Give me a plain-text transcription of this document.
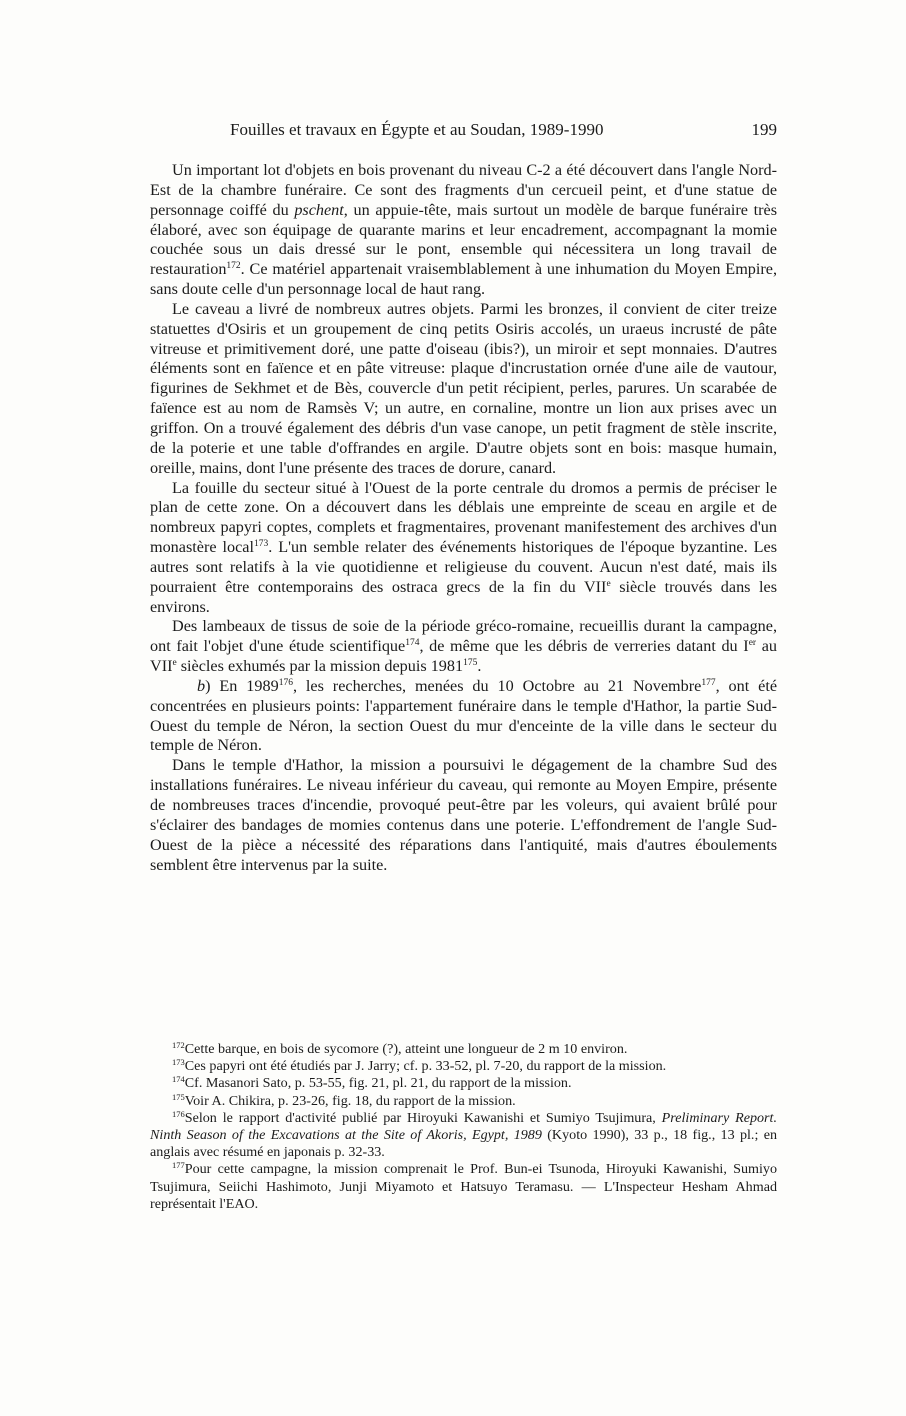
Fouilles et travaux en Égypte et au Soudan, 1989-1990	199

Un important lot d'objets en bois provenant du niveau C-2 a été découvert dans l'angle Nord-Est de la chambre funéraire. Ce sont des fragments d'un cercueil peint, et d'une statue de personnage coiffé du pschent, un appuie-tête, mais surtout un modèle de barque funéraire très élaboré, avec son équipage de quarante marins et leur encadrement, accompagnant la momie couchée sous un dais dressé sur le pont, ensemble qui nécessitera un long travail de restauration$^{172}$. Ce matériel appartenait vraisemblablement à une inhumation du Moyen Empire, sans doute celle d'un personnage local de haut rang.

Le caveau a livré de nombreux autres objets. Parmi les bronzes, il convient de citer treize statuettes d'Osiris et un groupement de cinq petits Osiris accolés, un uraeus incrusté de pâte vitreuse et primitivement doré, une patte d'oiseau (ibis?), un miroir et sept monnaies. D'autres éléments sont en faïence et en pâte vitreuse: plaque d'incrustation ornée d'une aile de vautour, figurines de Sekhmet et de Bès, couvercle d'un petit récipient, perles, parures. Un scarabée de faïence est au nom de Ramsès V; un autre, en cornaline, montre un lion aux prises avec un griffon. On a trouvé également des débris d'un vase canope, un petit fragment de stèle inscrite, de la poterie et une table d'offrandes en argile. D'autre objets sont en bois: masque humain, oreille, mains, dont l'une présente des traces de dorure, canard.

La fouille du secteur situé à l'Ouest de la porte centrale du dromos a permis de préciser le plan de cette zone. On a découvert dans les déblais une empreinte de sceau en argile et de nombreux papyri coptes, complets et fragmentaires, provenant manifestement des archives d'un monastère local$^{173}$. L'un semble relater des événements historiques de l'époque byzantine. Les autres sont relatifs à la vie quotidienne et religieuse du couvent. Aucun n'est daté, mais ils pourraient être contemporains des ostraca grecs de la fin du VIIe siècle trouvés dans les environs.

Des lambeaux de tissus de soie de la période gréco-romaine, recueillis durant la campagne, ont fait l'objet d'une étude scientifique$^{174}$, de même que les débris de verreries datant du Ier au VIIe siècles exhumés par la mission depuis 1981$^{175}$.

b) En 1989$^{176}$, les recherches, menées du 10 Octobre au 21 Novembre$^{177}$, ont été concentrées en plusieurs points: l'appartement funéraire dans le temple d'Hathor, la partie Sud-Ouest du temple de Néron, la section Ouest du mur d'enceinte de la ville dans le secteur du temple de Néron.

Dans le temple d'Hathor, la mission a poursuivi le dégagement de la chambre Sud des installations funéraires. Le niveau inférieur du caveau, qui remonte au Moyen Empire, présente de nombreuses traces d'incendie, provoqué peut-être par les voleurs, qui avaient brûlé pour s'éclairer des bandages de momies contenus dans une poterie. L'effondrement de l'angle Sud-Ouest de la pièce a nécessité des réparations dans l'antiquité, mais d'autres éboulements semblent être intervenus par la suite.

$^{172}$Cette barque, en bois de sycomore (?), atteint une longueur de 2 m 10 environ.

$^{173}$Ces papyri ont été étudiés par J. Jarry; cf. p. 33-52, pl. 7-20, du rapport de la mission.

$^{174}$Cf. Masanori Sato, p. 53-55, fig. 21, pl. 21, du rapport de la mission.

$^{175}$Voir A. Chikira, p. 23-26, fig. 18, du rapport de la mission.

$^{176}$Selon le rapport d'activité publié par Hiroyuki Kawanishi et Sumiyo Tsujimura, Preliminary Report. Ninth Season of the Excavations at the Site of Akoris, Egypt, 1989 (Kyoto 1990), 33 p., 18 fig., 13 pl.; en anglais avec résumé en japonais p. 32-33.

$^{177}$Pour cette campagne, la mission comprenait le Prof. Bun-ei Tsunoda, Hiroyuki Kawanishi, Sumiyo Tsujimura, Seiichi Hashimoto, Junji Miyamoto et Hatsuyo Teramasu. — L'Inspecteur Hesham Ahmad représentait l'EAO.
